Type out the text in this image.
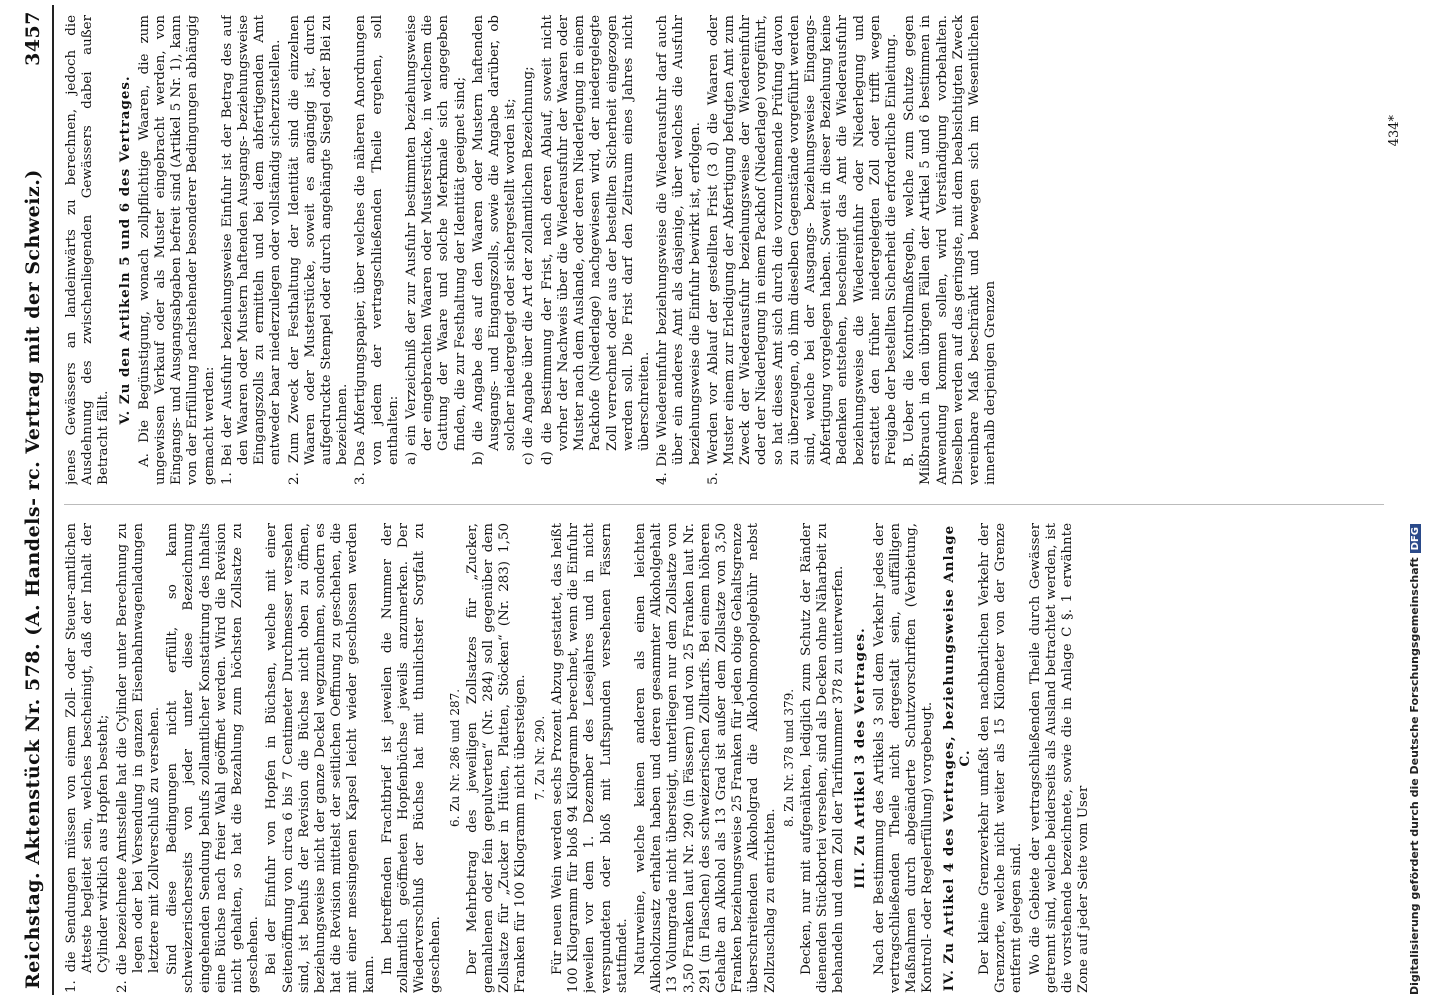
Reichstag. Aktenstück Nr. 578. (A. Handels- rc. Vertrag mit der Schweiz.)
3457

1. die Sendungen müssen von einem Zoll- oder Steuer-amtlichen Atteste begleitet sein, welches bescheinigt, daß der Inhalt der Cylinder wirklich aus Hopfen besteht; 2. die bezeichnete Amtsstelle hat die Cylinder unter Berechnung zu legen oder bei Versendung in ganzen Eisenbahnwagenladungen letztere mit Zollverschluß zu versehen. Sind diese Bedingungen nicht erfüllt, so kann schweizerischerseits von jeder unter diese Bezeichnung eingehenden Sendung behufs zollamtlicher Konstatirung des Inhalts eine Büchse nach freier Wahl geöffnet werden. Wird die Revision nicht gehalten, so hat die Bezahlung zum höchsten Zollsatze zu geschehen. Bei der Einfuhr von Hopfen in Büchsen, welche mit einer Seitenöffnung von circa 6 bis 7 Centimeter Durchmesser versehen sind, ist behufs der Revision die Büchse nicht oben zu öffnen, beziehungsweise nicht der ganze Deckel wegzunehmen, sondern es hat die Revision mittelst der seitlichen Oeffnung zu geschehen, die mit einer messingenen Kapsel leicht wieder geschlossen werden kann. Im betreffenden Frachtbrief ist jeweilen die Nummer der zollamtlich geöffneten Hopfenbüchse jeweils anzumerken. Der Wiederverschluß der Büchse hat mit thunlichster Sorgfalt zu geschehen.

6. Zu Nr. 286 und 287. Der Mehrbetrag des jeweiligen Zollsatzes für „Zucker, gemahlenen oder fein gepulverten“ (Nr. 284) soll gegenüber dem Zollsatze für „Zucker in Hüten, Platten, Stöcken“ (Nr. 283) 1,50 Franken für 100 Kilogramm nicht übersteigen. 7. Zu Nr. 290. Für neuen Wein werden sechs Prozent Abzug gestattet, das heißt 100 Kilogramm für bloß 94 Kilogramm berechnet, wenn die Einfuhr jeweilen vor dem 1. Dezember des Lesejahres und in nicht verspundeten oder bloß mit Luftspunden versehenen Fässern stattfindet. Naturweine, welche keinen anderen als einen leichten Alkoholzusatz erhalten haben und deren gesammter Alkoholgehalt 13 Volumgrade nicht übersteigt, unterliegen nur dem Zollsatze von 3,50 Franken laut Nr. 290 (in Fässern) und von 25 Franken laut Nr. 291 (in Flaschen) des schweizerischen Zolltarifs. Bei einem höheren Gehalte an Alkohol als 13 Grad ist außer dem Zollsatze von 3,50 Franken beziehungsweise 25 Franken für jeden obige Gehaltsgrenze überschreitenden Alkoholgrad die Alkoholmonopolgebühr nebst Zollzuschlag zu entrichten.

8. Zu Nr. 378 und 379. Decken, nur mit aufgenähten, lediglich zum Schutz der Ränder dienenden Stückbortei versehen, sind als Decken ohne Näharbeit zu behandeln und dem Zoll der Tarifnummer 378 zu unterwerfen. III. Zu Artikel 3 des Vertrages. Nach der Bestimmung des Artikels 3 soll dem Verkehr jedes der vertragschließenden Theile nicht dergestalt sein, auffälligen Maßnahmen durch abgeänderte Schutzvorschriften (Verbietung, Kontroll- oder Regelerfüllung) vorgebeugt. IV. Zu Artikel 4 des Vertrages, beziehungsweise Anlage C. Der kleine Grenzverkehr umfaßt den nachbarlichen Verkehr der Grenzorte, welche nicht weiter als 15 Kilometer von der Grenze entfernt gelegen sind. Wo die Gebiete der vertragschließenden Theile durch Gewässer getrennt sind, welche beiderseits als Ausland betrachtet werden, ist die vorstehende bezeichnete, sowie die in Anlage C §. 1 erwähnte Zone auf jeder Seite vom User

jenes Gewässers an landeinwärts zu berechnen, jedoch die Ausdehnung des zwischenliegenden Gewässers dabei außer Betracht fällt.

V. Zu den Artikeln 5 und 6 des Vertrages. A. Die Begünstigung, wonach zollpflichtige Waaren, die zum ungewissen Verkauf oder als Muster eingebracht werden, von Eingangs- und Ausgangsabgaben befreit sind (Artikel 5 Nr. 1), kann von der Erfüllung nachstehender besonderer Bedingungen abhängig gemacht werden: 1. Bei der Ausfuhr beziehungsweise Einfuhr ist der Betrag des auf den Waaren oder Mustern haftenden Ausgangs- beziehungsweise Eingangszolls zu ermitteln und bei dem abfertigenden Amt entweder baar niederzulegen oder vollständig sicherzustellen. 2. Zum Zweck der Festhaltung der Identität sind die einzelnen Waaren oder Musterstücke, soweit es angängig ist, durch aufgedruckte Stempel oder durch angehängte Siegel oder Blei zu bezeichnen. 3. Das Abfertigungspapier, über welches die näheren Anordnungen von jedem der vertragschließenden Theile ergehen, soll enthalten: a) ein Verzeichniß der zur Ausfuhr bestimmten beziehungsweise der eingebrachten Waaren oder Musterstücke, in welchem die Gattung der Waare und solche Merkmale sich angegeben finden, die zur Festhaltung der Identität geeignet sind; b) die Angabe des auf den Waaren oder Mustern haftenden Ausgangs- und Eingangszolls, sowie die Angabe darüber, ob solcher niedergelegt oder sichergestellt worden ist; c) die Angabe über die Art der zollamtlichen Bezeichnung; d) die Bestimmung der Frist, nach deren Ablauf, soweit nicht vorher der Nachweis über die Wiederausfuhr der Waaren oder Muster nach dem Auslande, oder deren Niederlegung in einem Packhofe (Niederlage) nachgewiesen wird, der niedergelegte Zoll verrechnet oder aus der bestellten Sicherheit eingezogen werden soll. Die Frist darf den Zeitraum eines Jahres nicht überschreiten. 4. Die Wiedereinfuhr beziehungsweise die Wiederausfuhr darf auch über ein anderes Amt als dasjenige, über welches die Ausfuhr beziehungsweise die Einfuhr bewirkt ist, erfolgen. 5. Werden vor Ablauf der gestellten Frist (3 d) die Waaren oder Muster einem zur Erledigung der Abfertigung befugten Amt zum Zweck der Wiederausfuhr beziehungsweise der Wiedereinfuhr oder der Niederlegung in einem Packhof (Niederlage) vorgeführt, so hat dieses Amt sich durch die vorzunehmende Prüfung davon zu überzeugen, ob ihm dieselben Gegenstände vorgeführt werden sind, welche bei der Ausgangs- beziehungsweise Eingangs-Abfertigung vorgelegen haben. Soweit in dieser Beziehung keine Bedenken entstehen, bescheinigt das Amt die Wiederausfuhr beziehungsweise die Wiedereinfuhr oder Niederlegung und erstattet den früher niedergelegten Zoll oder trifft wegen Freigabe der bestellten Sicherheit die erforderliche Einleitung. B. Ueber die Kontrollmaßregeln, welche zum Schutze gegen Mißbrauch in den übrigen Fällen der Artikel 5 und 6 bestimmen in Anwendung kommen sollen, wird Verständigung vorbehalten. Dieselben werden auf das geringste, mit dem beabsichtigten Zweck vereinbare Maß beschränkt und bewegen sich im Wesentlichen innerhalb derjenigen Grenzen

434*
Digitalisierung gefördert durch die Deutsche ForschungsgemeinschaftDFG
